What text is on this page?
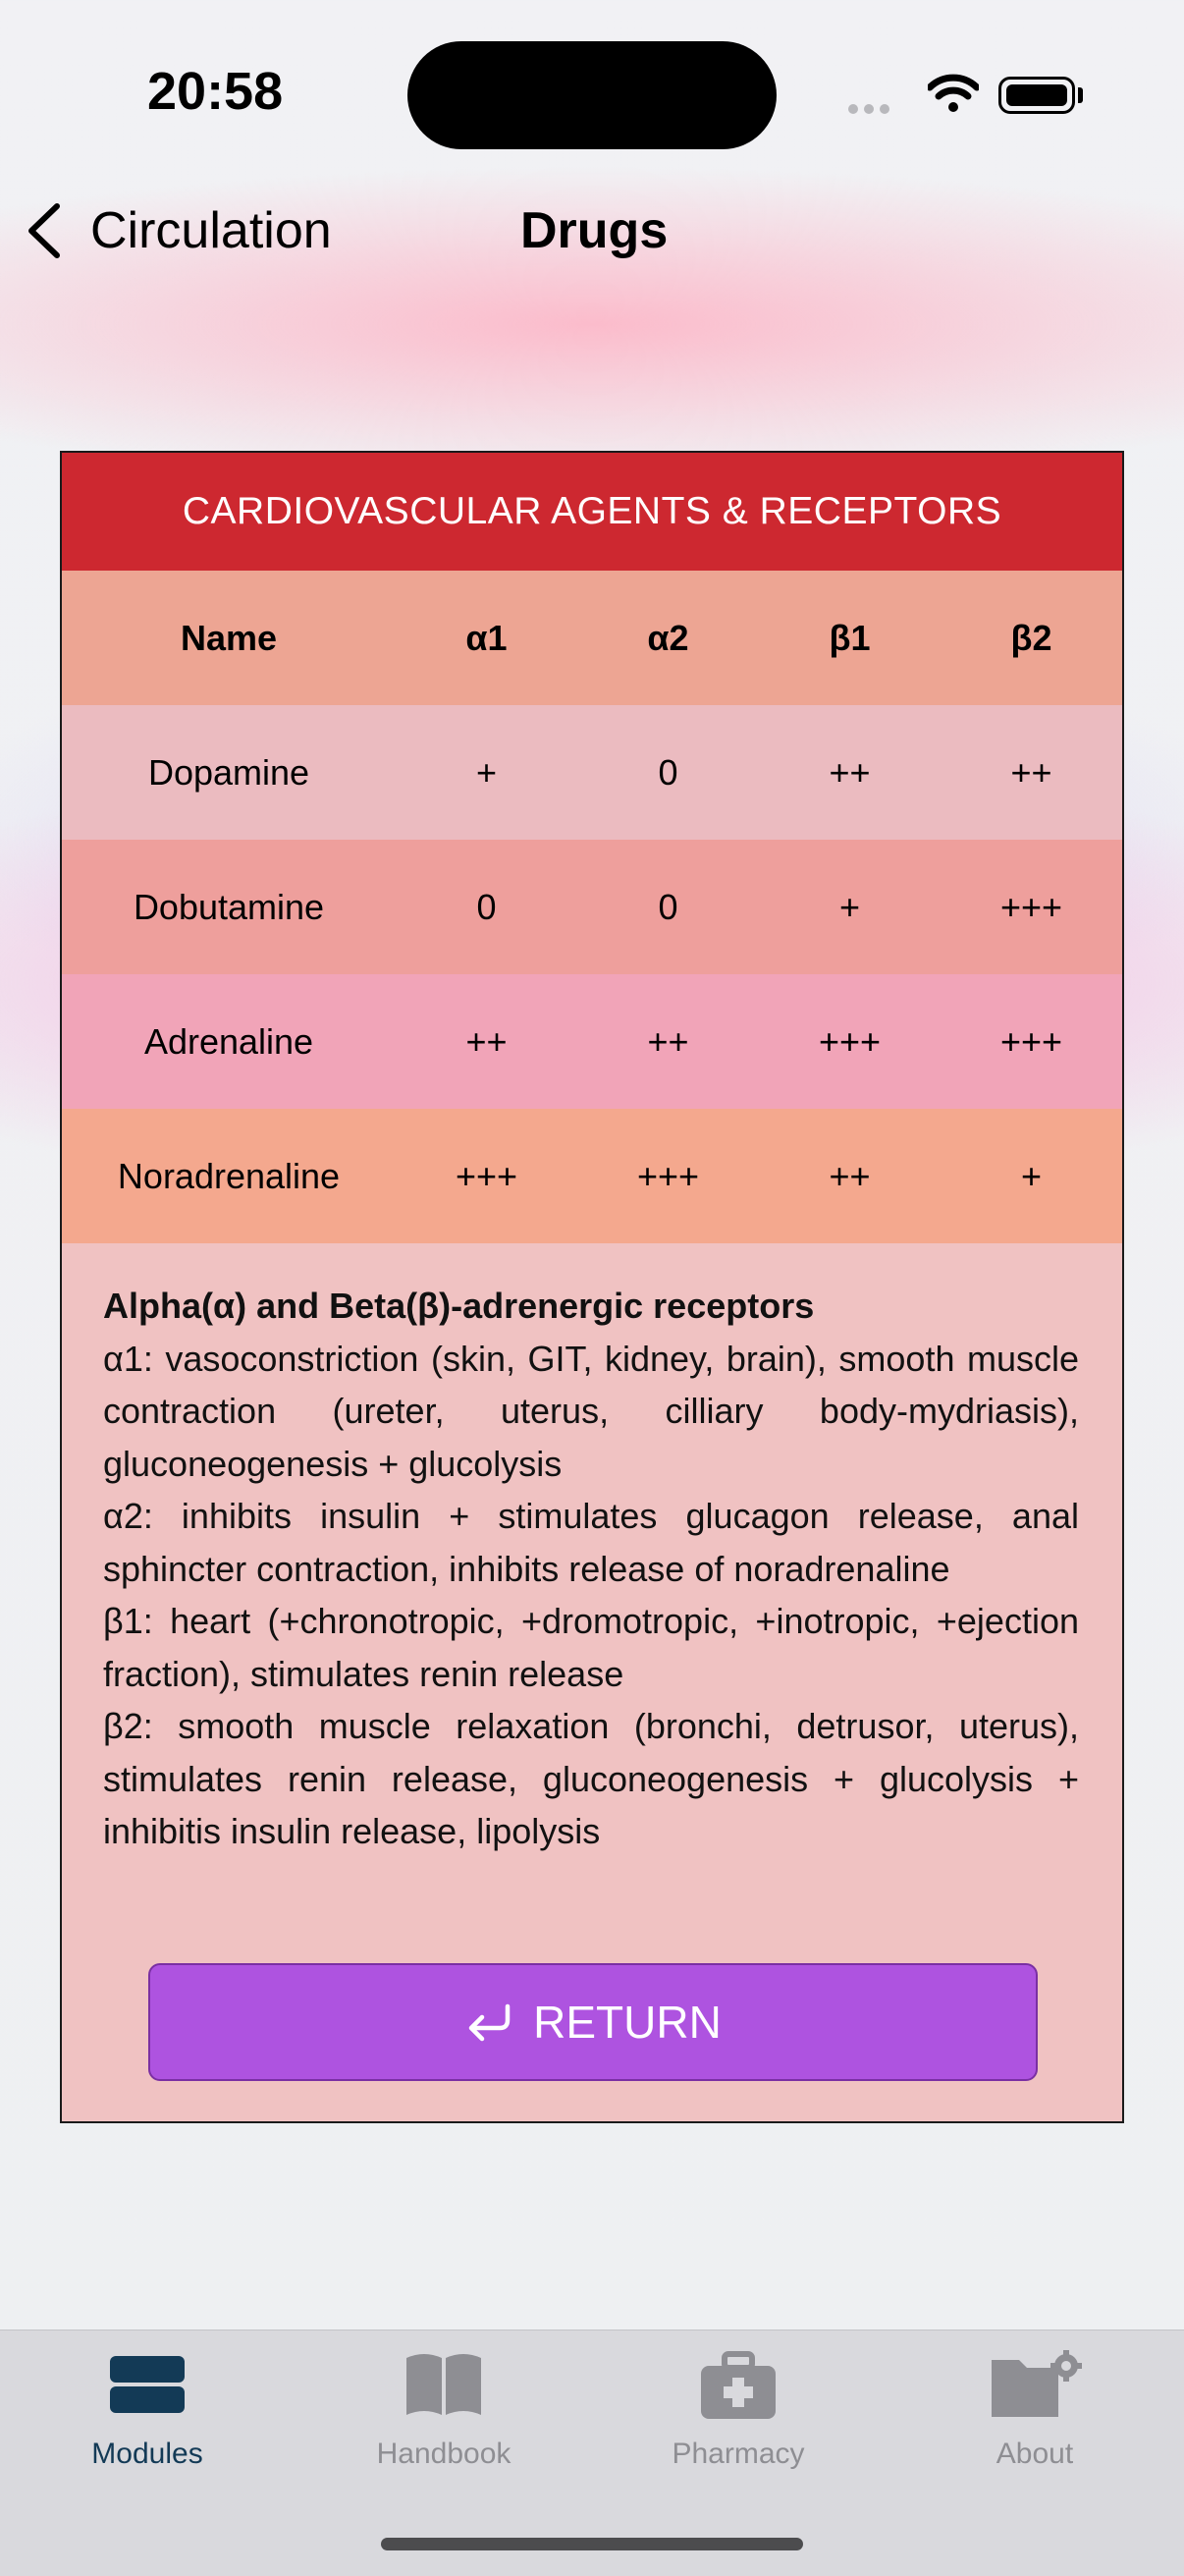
20:58
Circulation	Drugs
CARDIOVASCULAR AGENTS & RECEPTORS
Name	α1	α2	β1	β2
Dopamine	+	0	++	++
Dobutamine	0	0	+	+++
Adrenaline	++	++	+++	+++
Noradrenaline	+++	+++	++	+

Alpha(α) and Beta(β)-adrenergic receptors

α1: vasoconstriction (skin, GIT, kidney, brain), smooth muscle contraction (ureter, uterus, cilliary body-mydriasis), gluconeogenesis + glucolysis

α2: inhibits insulin + stimulates glucagon release, anal sphincter contraction, inhibits release of noradrenaline

β1: heart (+chronotropic, +dromotropic, +inotropic, +ejection fraction), stimulates renin release

β2: smooth muscle relaxation (bronchi, detrusor, uterus), stimulates renin release, gluconeogenesis + glucolysis + inhibitis insulin release, lipolysis

RETURN
Modules	Handbook	Pharmacy	About
